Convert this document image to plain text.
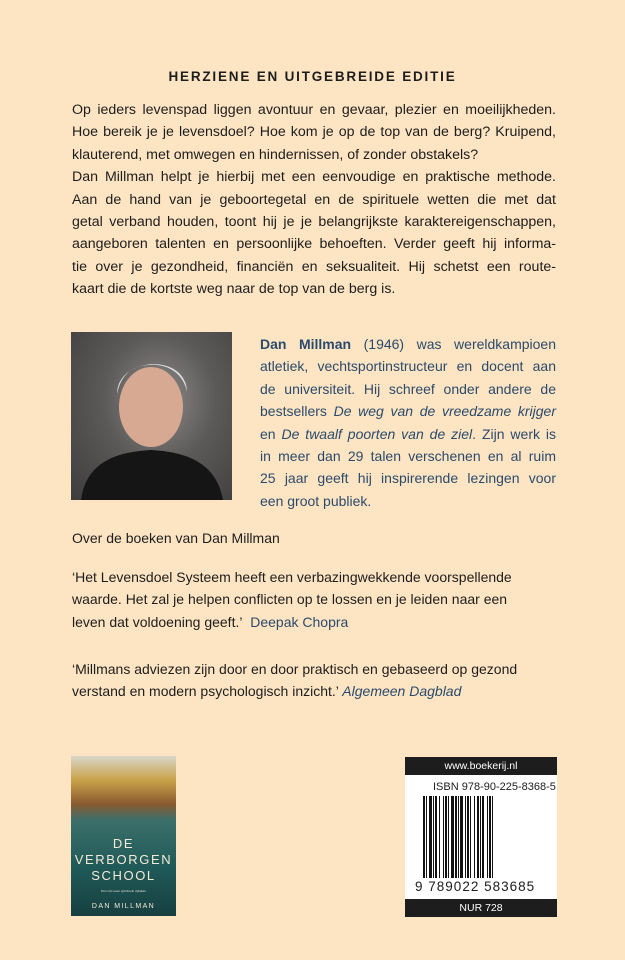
HERZIENE EN UITGEBREIDE EDITIE
Op ieders levenspad liggen avontuur en gevaar, plezier en moeilijkheden.
Hoe bereik je je levensdoel? Hoe kom je op de top van de berg? Kruipend,
klauterend, met omwegen en hindernissen, of zonder obstakels?
Dan Millman helpt je hierbij met een eenvoudige en praktische methode.
Aan de hand van je geboortegetal en de spirituele wetten die met dat
getal verband houden, toont hij je je belangrijkste karaktereigenschappen,
aangeboren talenten en persoonlijke behoeften. Verder geeft hij informa-
tie over je gezondheid, financiën en seksualiteit. Hij schetst een route-
kaart die de kortste weg naar de top van de berg is.
Dan Millman (1946) was wereldkampioen
atletiek, vechtsportinstructeur en docent aan
de universiteit. Hij schreef onder andere de
bestsellers De weg van de vreedzame krijger
en De twaalf poorten van de ziel. Zijn werk is
in meer dan 29 talen verschenen en al ruim
25 jaar geeft hij inspirerende lezingen voor
een groot publiek.
Over de boeken van Dan Millman
‘Het Levensdoel Systeem heeft een verbazingwekkende voorspellende
waarde. Het zal je helpen conflicten op te lossen en je leiden naar een
leven dat voldoening geeft.’ Deepak Chopra
‘Millmans adviezen zijn door en door praktisch en gebaseerd op gezond
verstand en modern psychologisch inzicht.’ Algemeen Dagblad
DE
VERBORGEN
SCHOOL
Een reis naar spirituele rijkdom
DAN MILLMAN
www.boekerij.nl
ISBN 978-90-225-8368-5
9 789022 583685
NUR 728
